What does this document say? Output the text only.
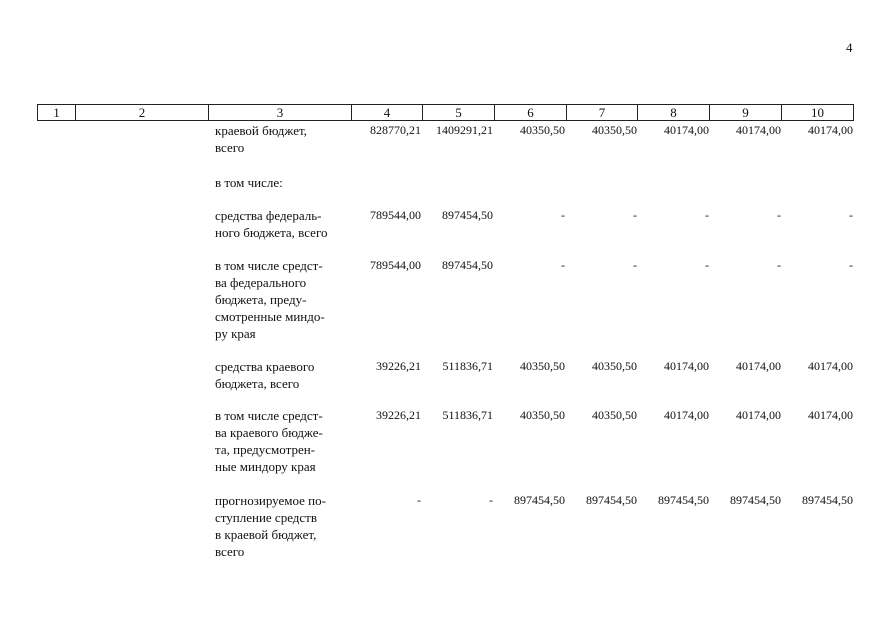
4
1	2	3	4	5	6	7	8	9	10
краевой бюджет,
всего
828770,21	1409291,21	40350,50	40350,50	40174,00	40174,00	40174,00
в том числе:
средства федераль-
ного бюджета, всего
789544,00	897454,50	-	-	-	-	-
в том числе средст-
ва федерального
бюджета, преду-
смотренные миндо-
ру края
789544,00	897454,50	-	-	-	-	-
средства краевого
бюджета, всего
39226,21	511836,71	40350,50	40350,50	40174,00	40174,00	40174,00
в том числе средст-
ва краевого бюдже-
та, предусмотрен-
ные миндору края
39226,21	511836,71	40350,50	40350,50	40174,00	40174,00	40174,00
прогнозируемое по-
ступление средств
в краевой бюджет,
всего
-	-	897454,50	897454,50	897454,50	897454,50	897454,50
